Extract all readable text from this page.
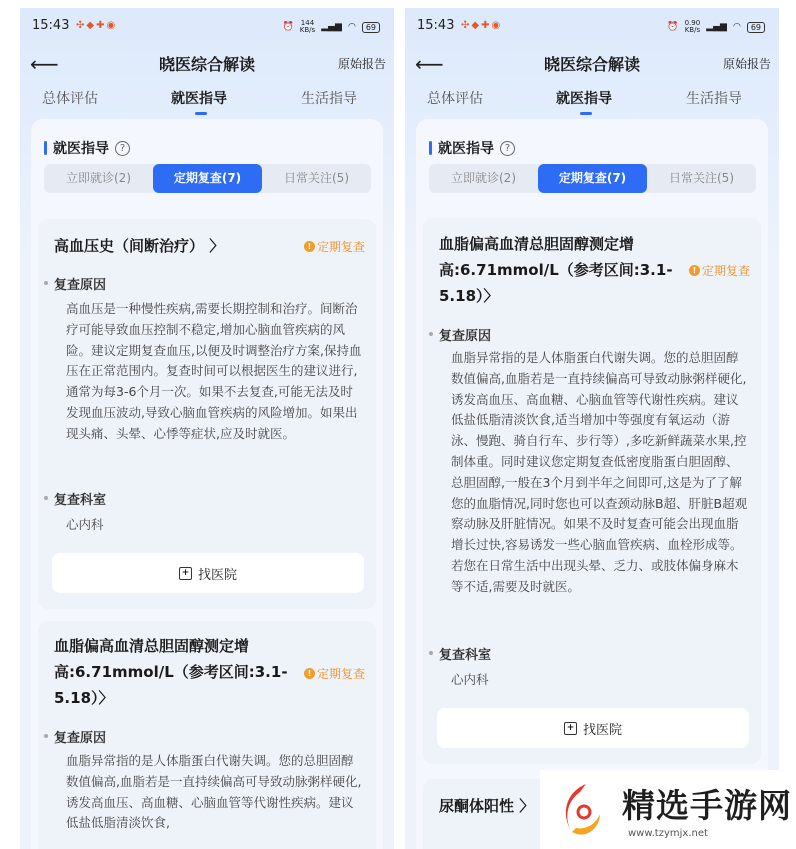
15:43 ✣◆✚◉	⏰ 144
KB/s ▂▄▆ ◠	69
⟵	晓医综合解读	原始报告
总体评估	就医指导	生活指导
就医指导	?
立即就诊(2)	定期复查(7)	日常关注(5)
高血压史（间断治疗） 〉	! 定期复查
复查原因
高血压是一种慢性疾病,需要长期控制和治疗。间断治疗可能导致血压控制不稳定,增加心脑血管疾病的风险。建议定期复查血压,以便及时调整治疗方案,保持血压在正常范围内。复查时间可以根据医生的建议进行,通常为每3-6个月一次。如果不去复查,可能无法及时发现血压波动,导致心脑血管疾病的风险增加。如果出现头痛、头晕、心悸等症状,应及时就医。
复查科室
心内科
+ 找医院
血脂偏高血清总胆固醇测定增高:6.71mmol/L（参考区间:3.1-5.18）〉
! 定期复查
复查原因
血脂异常指的是人体脂蛋白代谢失调。您的总胆固醇数值偏高,血脂若是一直持续偏高可导致动脉粥样硬化,诱发高血压、高血糖、心脑血管等代谢性疾病。建议低盐低脂清淡饮食,
15:43 ✣◆✚◉	⏰ 0.90
KB/s ▂▄▆ ◠	69
⟵	晓医综合解读	原始报告
总体评估	就医指导	生活指导
就医指导	?
立即就诊(2)	定期复查(7)	日常关注(5)
血脂偏高血清总胆固醇测定增高:6.71mmol/L（参考区间:3.1-5.18）〉
! 定期复查
复查原因
血脂异常指的是人体脂蛋白代谢失调。您的总胆固醇数值偏高,血脂若是一直持续偏高可导致动脉粥样硬化,诱发高血压、高血糖、心脑血管等代谢性疾病。建议低盐低脂清淡饮食,适当增加中等强度有氧运动（游泳、慢跑、骑自行车、步行等）,多吃新鲜蔬菜水果,控制体重。同时建议您定期复查低密度脂蛋白胆固醇、总胆固醇,一般在3个月到半年之间即可,这是为了了解您的血脂情况,同时您也可以查颈动脉B超、肝脏B超观察动脉及肝脏情况。如果不及时复查可能会出现血脂增长过快,容易诱发一些心脑血管疾病、血栓形成等。若您在日常生活中出现头晕、乏力、或肢体偏身麻木等不适,需要及时就医。
复查科室
心内科
+ 找医院
尿酮体阳性 〉	精选手游网
www.tzymjx.net
